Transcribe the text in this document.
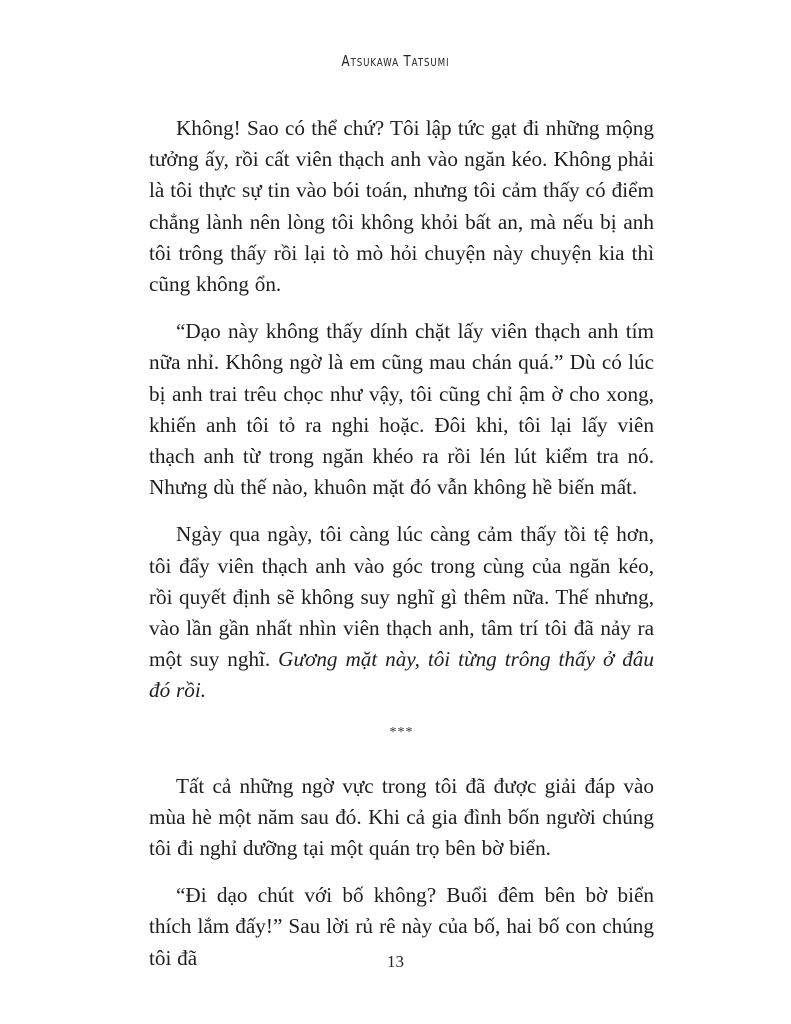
Atsukawa Tatsumi

Không! Sao có thể chứ? Tôi lập tức gạt đi những mộng tưởng ấy, rồi cất viên thạch anh vào ngăn kéo. Không phải là tôi thực sự tin vào bói toán, nhưng tôi cảm thấy có điểm chẳng lành nên lòng tôi không khỏi bất an, mà nếu bị anh tôi trông thấy rồi lại tò mò hỏi chuyện này chuyện kia thì cũng không ổn.

“Dạo này không thấy dính chặt lấy viên thạch anh tím nữa nhỉ. Không ngờ là em cũng mau chán quá.” Dù có lúc bị anh trai trêu chọc như vậy, tôi cũng chỉ ậm ờ cho xong, khiến anh tôi tỏ ra nghi hoặc. Đôi khi, tôi lại lấy viên thạch anh từ trong ngăn khéo ra rồi lén lút kiểm tra nó. Nhưng dù thế nào, khuôn mặt đó vẫn không hề biến mất.

Ngày qua ngày, tôi càng lúc càng cảm thấy tồi tệ hơn, tôi đẩy viên thạch anh vào góc trong cùng của ngăn kéo, rồi quyết định sẽ không suy nghĩ gì thêm nữa. Thế nhưng, vào lần gần nhất nhìn viên thạch anh, tâm trí tôi đã nảy ra một suy nghĩ. Gương mặt này, tôi từng trông thấy ở đâu đó rồi.

***

Tất cả những ngờ vực trong tôi đã được giải đáp vào mùa hè một năm sau đó. Khi cả gia đình bốn người chúng tôi đi nghỉ dưỡng tại một quán trọ bên bờ biển.

“Đi dạo chút với bố không? Buổi đêm bên bờ biển thích lắm đấy!” Sau lời rủ rê này của bố, hai bố con chúng tôi đã	13
